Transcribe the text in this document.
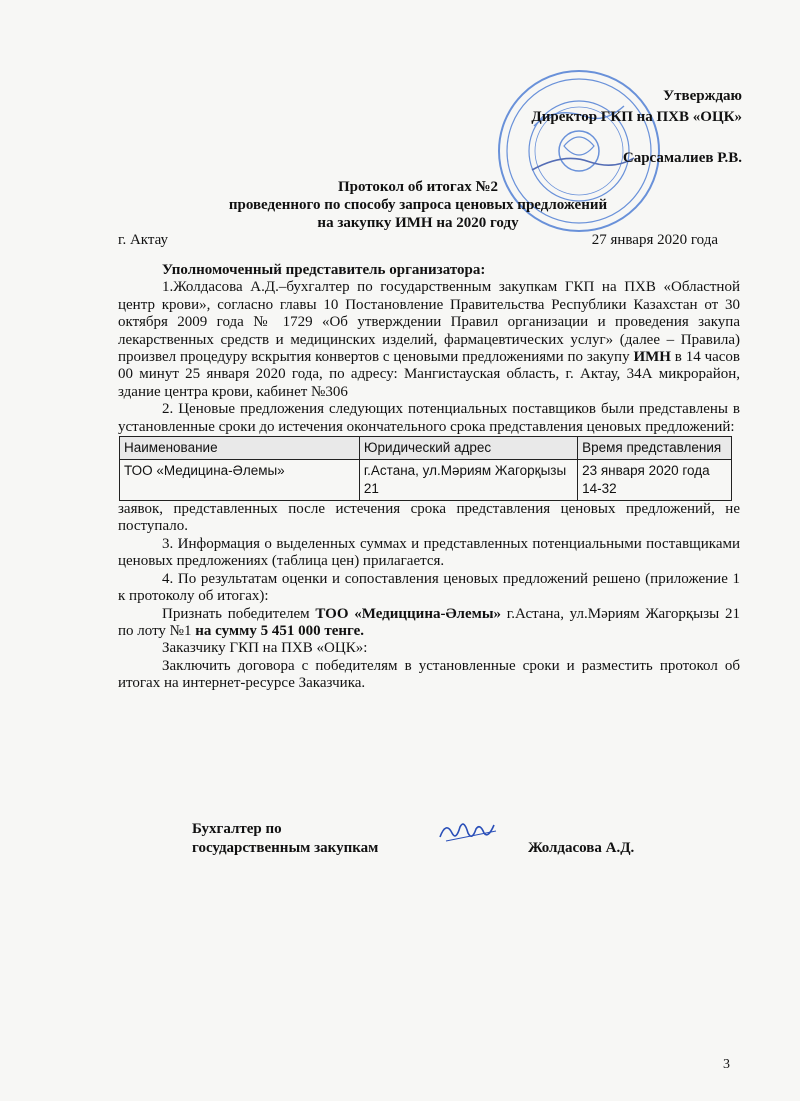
Утверждаю
Директор ГКП на ПХВ «ОЦК»
Сарсамалиев Р.В.
Протокол об итогах №2
проведенного по способу запроса ценовых предложений
на закупку ИМН на 2020 году
г. Актау	27 января 2020 года

Уполномоченный представитель организатора:

1.Жолдасова А.Д.–бухгалтер по государственным закупкам ГКП на ПХВ «Областной центр крови», согласно главы 10 Постановление Правительства Республики Казахстан от 30 октября 2009 года № 1729 «Об утверждении Правил организации и проведения закупа лекарственных средств и медицинских изделий, фармацевтических услуг» (далее – Правила) произвел процедуру вскрытия конвертов с ценовыми предложениями по закупу ИМН в 14 часов 00 минут 25 января 2020 года, по адресу: Мангистауская область, г. Актау, 34А микрорайон, здание центра крови, кабинет №306

2. Ценовые предложения следующих потенциальных поставщиков были представлены в установленные сроки до истечения окончательного срока представления ценовых предложений:

Наименование	Юридический адрес	Время представления
ТОО «Медицина-Әлемы»	г.Астана, ул.Мәриям Жагорқызы 21	23 января 2020 года 14-32

заявок, представленных после истечения срока представления ценовых предложений, не поступало.

3. Информация о выделенных суммах и представленных потенциальными поставщиками ценовых предложениях (таблица цен) прилагается.

4. По результатам оценки и сопоставления ценовых предложений решено (приложение 1 к протоколу об итогах):

Признать победителем ТОО «Медиццина-Әлемы» г.Астана, ул.Мәриям Жагорқызы 21 по лоту №1 на сумму 5 451 000 тенге.

Заказчику ГКП на ПХВ «ОЦК»:

Заключить договора с победителям в установленные сроки и разместить протокол об итогах на интернет-ресурсе Заказчика.

Бухгалтер по
государственным закупкам	Жолдасова А.Д.
3
